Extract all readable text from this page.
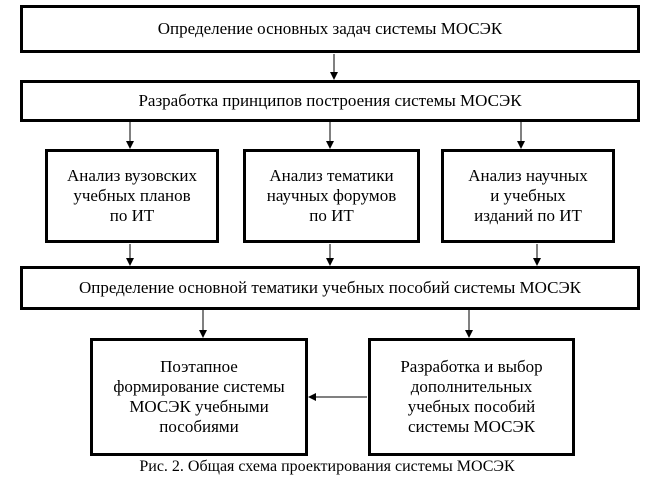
Определение основных задач системы МОСЭК
Разработка принципов построения системы МОСЭК
Анализ вузовских
учебных планов
по ИТ
Анализ тематики
научных форумов
по ИТ
Анализ научных
и учебных
изданий по ИТ
Определение основной тематики учебных пособий системы МОСЭК
Поэтапное
формирование системы
МОСЭК учебными
пособиями
Разработка и выбор
дополнительных
учебных пособий
системы МОСЭК
Рис. 2. Общая схема проектирования системы МОСЭК
